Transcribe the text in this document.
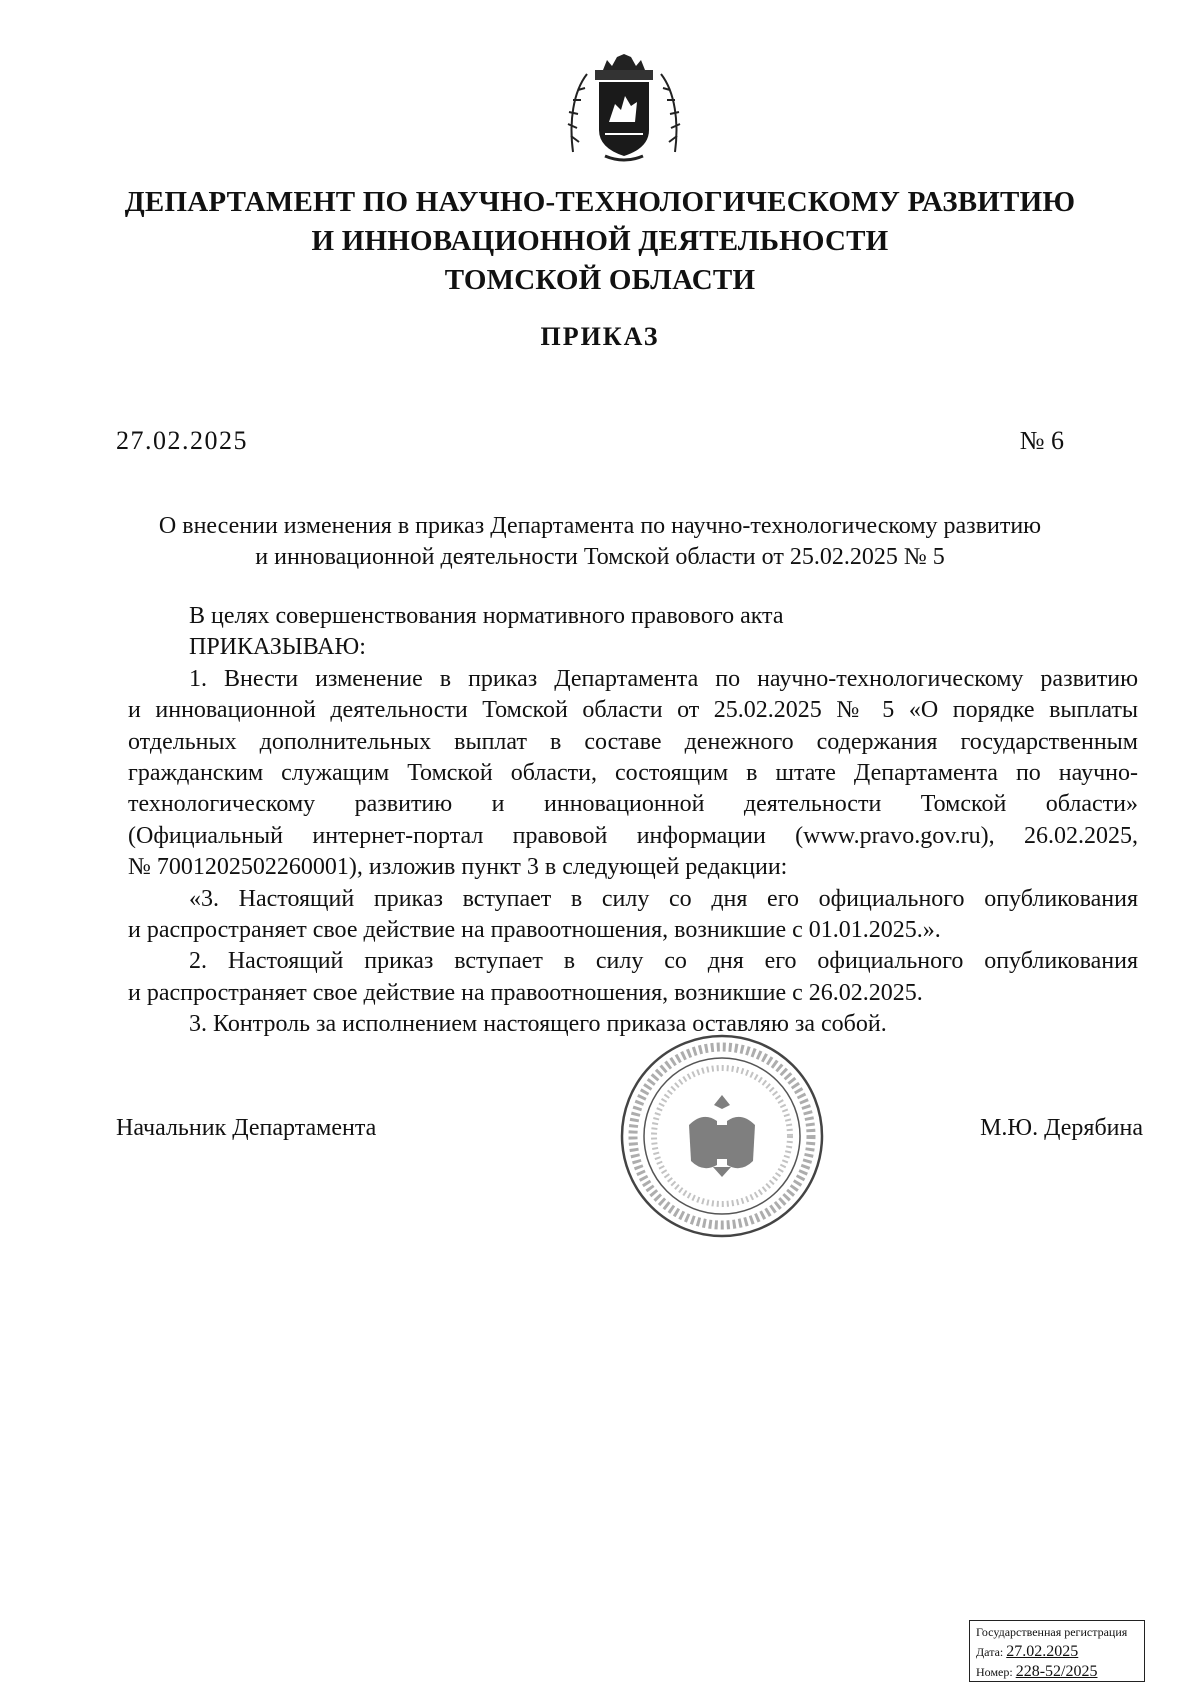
ДЕПАРТАМЕНТ ПО НАУЧНО-ТЕХНОЛОГИЧЕСКОМУ РАЗВИТИЮ
И ИННОВАЦИОННОЙ ДЕЯТЕЛЬНОСТИ
ТОМСКОЙ ОБЛАСТИ
ПРИКАЗ
27.02.2025	№ 6
О внесении изменения в приказ Департамента по научно-технологическому развитию
и инновационной деятельности Томской области от 25.02.2025 № 5

В целях совершенствования нормативного правового акта

ПРИКАЗЫВАЮ:

1. Внести изменение в приказ Департамента по научно-технологическому развитию

и инновационной деятельности Томской области от 25.02.2025 № 5 «О порядке выплаты

отдельных дополнительных выплат в составе денежного содержания государственным

гражданским служащим Томской области, состоящим в штате Департамента по научно-

технологическому развитию и инновационной деятельности Томской области»

(Официальный интернет-портал правовой информации (www.pravo.gov.ru), 26.02.2025,

№ 7001202502260001), изложив пункт 3 в следующей редакции:

«3. Настоящий приказ вступает в силу со дня его официального опубликования

и распространяет свое действие на правоотношения, возникшие с 01.01.2025.».

2. Настоящий приказ вступает в силу со дня его официального опубликования

и распространяет свое действие на правоотношения, возникшие с 26.02.2025.

3. Контроль за исполнением настоящего приказа оставляю за собой.

Начальник Департамента	М.Ю. Дерябина
Государственная регистрация
Дата: 27.02.2025
Номер: 228-52/2025
